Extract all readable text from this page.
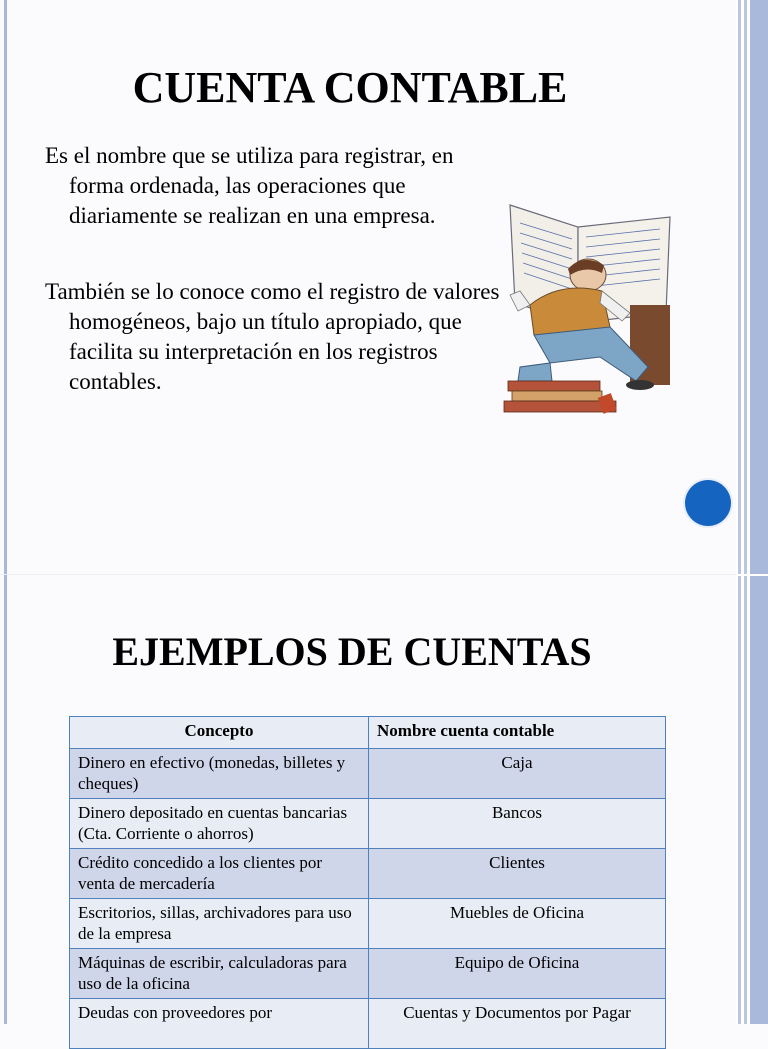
CUENTA CONTABLE
Es el nombre que se utiliza para registrar, en forma ordenada, las operaciones que diariamente se realizan en una empresa.
También se lo conoce como el registro de valores homogéneos, bajo un título apropiado, que facilita su interpretación en los registros contables.
EJEMPLOS DE CUENTAS
Concepto	Nombre cuenta contable
Dinero en efectivo (monedas, billetes y cheques)	Caja
Dinero depositado en cuentas bancarias (Cta. Corriente o ahorros)	Bancos
Crédito concedido a los clientes por venta de mercadería	Clientes
Escritorios, sillas, archivadores para uso de la empresa	Muebles de Oficina
Máquinas de escribir, calculadoras para uso de la oficina	Equipo de Oficina
Deudas con proveedores por	Cuentas y Documentos por Pagar
